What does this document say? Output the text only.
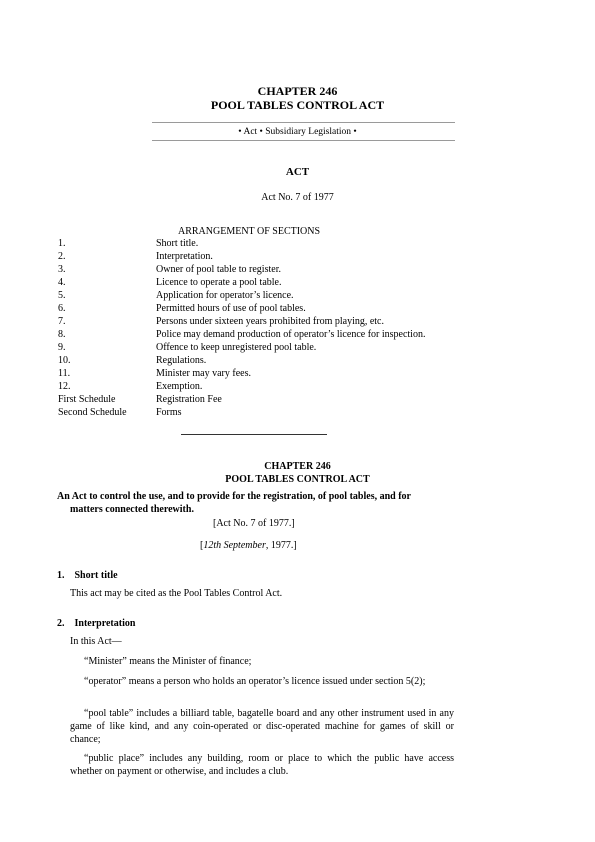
CHAPTER 246
POOL TABLES CONTROL ACT
• Act • Subsidiary Legislation •
ACT
Act No. 7 of 1977
ARRANGEMENT OF SECTIONS
1.	Short title.
2.	Interpretation.
3.	Owner of pool table to register.
4.	Licence to operate a pool table.
5.	Application for operator’s licence.
6.	Permitted hours of use of pool tables.
7.	Persons under sixteen years prohibited from playing, etc.
8.	Police may demand production of operator’s licence for inspection.
9.	Offence to keep unregistered pool table.
10.	Regulations.
11.	Minister may vary fees.
12.	Exemption.
First Schedule	Registration Fee
Second Schedule	Forms
CHAPTER 246
POOL TABLES CONTROL ACT
An Act to control the use, and to provide for the registration, of pool tables, and for
matters connected therewith.
[Act No. 7 of 1977.]
[12th September, 1977.]
1.  Short title
This act may be cited as the Pool Tables Control Act.
2.  Interpretation
In this Act—
“Minister” means the Minister of finance;
“operator” means a person who holds an operator’s licence issued under section 5(2);
“pool table” includes a billiard table, bagatelle board and any other instrument used in any game of like kind, and any coin-operated or disc-operated machine for games of skill or chance;
“public place” includes any building, room or place to which the public have access whether on payment or otherwise, and includes a club.
